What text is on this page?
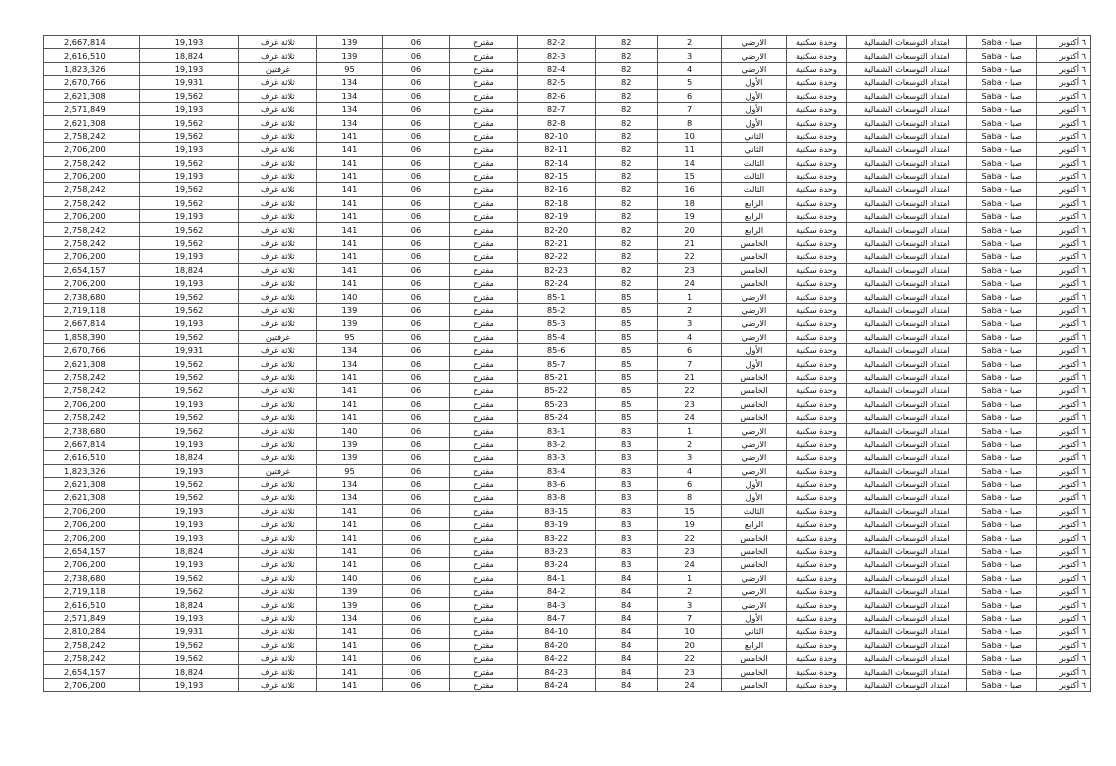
٦ أكتوبر	صبا - Saba	امتداد التوسعات الشمالية	وحدة سكنية	الارضي	2	82	82-2	مقترح	06	139	ثلاثة غرف	19,193	2,667,814
٦ أكتوبر	صبا - Saba	امتداد التوسعات الشمالية	وحدة سكنية	الارضي	3	82	82-3	مقترح	06	139	ثلاثة غرف	18,824	2,616,510
٦ أكتوبر	صبا - Saba	امتداد التوسعات الشمالية	وحدة سكنية	الارضي	4	82	82-4	مقترح	06	95	غرفتين	19,193	1,823,326
٦ أكتوبر	صبا - Saba	امتداد التوسعات الشمالية	وحدة سكنية	الأول	5	82	82-5	مقترح	06	134	ثلاثة غرف	19,931	2,670,766
٦ أكتوبر	صبا - Saba	امتداد التوسعات الشمالية	وحدة سكنية	الأول	6	82	82-6	مقترح	06	134	ثلاثة غرف	19,562	2,621,308
٦ أكتوبر	صبا - Saba	امتداد التوسعات الشمالية	وحدة سكنية	الأول	7	82	82-7	مقترح	06	134	ثلاثة غرف	19,193	2,571,849
٦ أكتوبر	صبا - Saba	امتداد التوسعات الشمالية	وحدة سكنية	الأول	8	82	82-8	مقترح	06	134	ثلاثة غرف	19,562	2,621,308
٦ أكتوبر	صبا - Saba	امتداد التوسعات الشمالية	وحدة سكنية	الثاني	10	82	82-10	مقترح	06	141	ثلاثة غرف	19,562	2,758,242
٦ أكتوبر	صبا - Saba	امتداد التوسعات الشمالية	وحدة سكنية	الثاني	11	82	82-11	مقترح	06	141	ثلاثة غرف	19,193	2,706,200
٦ أكتوبر	صبا - Saba	امتداد التوسعات الشمالية	وحدة سكنية	الثالث	14	82	82-14	مقترح	06	141	ثلاثة غرف	19,562	2,758,242
٦ أكتوبر	صبا - Saba	امتداد التوسعات الشمالية	وحدة سكنية	الثالث	15	82	82-15	مقترح	06	141	ثلاثة غرف	19,193	2,706,200
٦ أكتوبر	صبا - Saba	امتداد التوسعات الشمالية	وحدة سكنية	الثالث	16	82	82-16	مقترح	06	141	ثلاثة غرف	19,562	2,758,242
٦ أكتوبر	صبا - Saba	امتداد التوسعات الشمالية	وحدة سكنية	الرابع	18	82	82-18	مقترح	06	141	ثلاثة غرف	19,562	2,758,242
٦ أكتوبر	صبا - Saba	امتداد التوسعات الشمالية	وحدة سكنية	الرابع	19	82	82-19	مقترح	06	141	ثلاثة غرف	19,193	2,706,200
٦ أكتوبر	صبا - Saba	امتداد التوسعات الشمالية	وحدة سكنية	الرابع	20	82	82-20	مقترح	06	141	ثلاثة غرف	19,562	2,758,242
٦ أكتوبر	صبا - Saba	امتداد التوسعات الشمالية	وحدة سكنية	الخامس	21	82	82-21	مقترح	06	141	ثلاثة غرف	19,562	2,758,242
٦ أكتوبر	صبا - Saba	امتداد التوسعات الشمالية	وحدة سكنية	الخامس	22	82	82-22	مقترح	06	141	ثلاثة غرف	19,193	2,706,200
٦ أكتوبر	صبا - Saba	امتداد التوسعات الشمالية	وحدة سكنية	الخامس	23	82	82-23	مقترح	06	141	ثلاثة غرف	18,824	2,654,157
٦ أكتوبر	صبا - Saba	امتداد التوسعات الشمالية	وحدة سكنية	الخامس	24	82	82-24	مقترح	06	141	ثلاثة غرف	19,193	2,706,200
٦ أكتوبر	صبا - Saba	امتداد التوسعات الشمالية	وحدة سكنية	الارضي	1	85	85-1	مقترح	06	140	ثلاثة غرف	19,562	2,738,680
٦ أكتوبر	صبا - Saba	امتداد التوسعات الشمالية	وحدة سكنية	الارضي	2	85	85-2	مقترح	06	139	ثلاثة غرف	19,562	2,719,118
٦ أكتوبر	صبا - Saba	امتداد التوسعات الشمالية	وحدة سكنية	الارضي	3	85	85-3	مقترح	06	139	ثلاثة غرف	19,193	2,667,814
٦ أكتوبر	صبا - Saba	امتداد التوسعات الشمالية	وحدة سكنية	الارضي	4	85	85-4	مقترح	06	95	غرفتين	19,562	1,858,390
٦ أكتوبر	صبا - Saba	امتداد التوسعات الشمالية	وحدة سكنية	الأول	6	85	85-6	مقترح	06	134	ثلاثة غرف	19,931	2,670,766
٦ أكتوبر	صبا - Saba	امتداد التوسعات الشمالية	وحدة سكنية	الأول	7	85	85-7	مقترح	06	134	ثلاثة غرف	19,562	2,621,308
٦ أكتوبر	صبا - Saba	امتداد التوسعات الشمالية	وحدة سكنية	الخامس	21	85	85-21	مقترح	06	141	ثلاثة غرف	19,562	2,758,242
٦ أكتوبر	صبا - Saba	امتداد التوسعات الشمالية	وحدة سكنية	الخامس	22	85	85-22	مقترح	06	141	ثلاثة غرف	19,562	2,758,242
٦ أكتوبر	صبا - Saba	امتداد التوسعات الشمالية	وحدة سكنية	الخامس	23	85	85-23	مقترح	06	141	ثلاثة غرف	19,193	2,706,200
٦ أكتوبر	صبا - Saba	امتداد التوسعات الشمالية	وحدة سكنية	الخامس	24	85	85-24	مقترح	06	141	ثلاثة غرف	19,562	2,758,242
٦ أكتوبر	صبا - Saba	امتداد التوسعات الشمالية	وحدة سكنية	الارضي	1	83	83-1	مقترح	06	140	ثلاثة غرف	19,562	2,738,680
٦ أكتوبر	صبا - Saba	امتداد التوسعات الشمالية	وحدة سكنية	الارضي	2	83	83-2	مقترح	06	139	ثلاثة غرف	19,193	2,667,814
٦ أكتوبر	صبا - Saba	امتداد التوسعات الشمالية	وحدة سكنية	الارضي	3	83	83-3	مقترح	06	139	ثلاثة غرف	18,824	2,616,510
٦ أكتوبر	صبا - Saba	امتداد التوسعات الشمالية	وحدة سكنية	الارضي	4	83	83-4	مقترح	06	95	غرفتين	19,193	1,823,326
٦ أكتوبر	صبا - Saba	امتداد التوسعات الشمالية	وحدة سكنية	الأول	6	83	83-6	مقترح	06	134	ثلاثة غرف	19,562	2,621,308
٦ أكتوبر	صبا - Saba	امتداد التوسعات الشمالية	وحدة سكنية	الأول	8	83	83-8	مقترح	06	134	ثلاثة غرف	19,562	2,621,308
٦ أكتوبر	صبا - Saba	امتداد التوسعات الشمالية	وحدة سكنية	الثالث	15	83	83-15	مقترح	06	141	ثلاثة غرف	19,193	2,706,200
٦ أكتوبر	صبا - Saba	امتداد التوسعات الشمالية	وحدة سكنية	الرابع	19	83	83-19	مقترح	06	141	ثلاثة غرف	19,193	2,706,200
٦ أكتوبر	صبا - Saba	امتداد التوسعات الشمالية	وحدة سكنية	الخامس	22	83	83-22	مقترح	06	141	ثلاثة غرف	19,193	2,706,200
٦ أكتوبر	صبا - Saba	امتداد التوسعات الشمالية	وحدة سكنية	الخامس	23	83	83-23	مقترح	06	141	ثلاثة غرف	18,824	2,654,157
٦ أكتوبر	صبا - Saba	امتداد التوسعات الشمالية	وحدة سكنية	الخامس	24	83	83-24	مقترح	06	141	ثلاثة غرف	19,193	2,706,200
٦ أكتوبر	صبا - Saba	امتداد التوسعات الشمالية	وحدة سكنية	الارضي	1	84	84-1	مقترح	06	140	ثلاثة غرف	19,562	2,738,680
٦ أكتوبر	صبا - Saba	امتداد التوسعات الشمالية	وحدة سكنية	الارضي	2	84	84-2	مقترح	06	139	ثلاثة غرف	19,562	2,719,118
٦ أكتوبر	صبا - Saba	امتداد التوسعات الشمالية	وحدة سكنية	الارضي	3	84	84-3	مقترح	06	139	ثلاثة غرف	18,824	2,616,510
٦ أكتوبر	صبا - Saba	امتداد التوسعات الشمالية	وحدة سكنية	الأول	7	84	84-7	مقترح	06	134	ثلاثة غرف	19,193	2,571,849
٦ أكتوبر	صبا - Saba	امتداد التوسعات الشمالية	وحدة سكنية	الثاني	10	84	84-10	مقترح	06	141	ثلاثة غرف	19,931	2,810,284
٦ أكتوبر	صبا - Saba	امتداد التوسعات الشمالية	وحدة سكنية	الرابع	20	84	84-20	مقترح	06	141	ثلاثة غرف	19,562	2,758,242
٦ أكتوبر	صبا - Saba	امتداد التوسعات الشمالية	وحدة سكنية	الخامس	22	84	84-22	مقترح	06	141	ثلاثة غرف	19,562	2,758,242
٦ أكتوبر	صبا - Saba	امتداد التوسعات الشمالية	وحدة سكنية	الخامس	23	84	84-23	مقترح	06	141	ثلاثة غرف	18,824	2,654,157
٦ أكتوبر	صبا - Saba	امتداد التوسعات الشمالية	وحدة سكنية	الخامس	24	84	84-24	مقترح	06	141	ثلاثة غرف	19,193	2,706,200
